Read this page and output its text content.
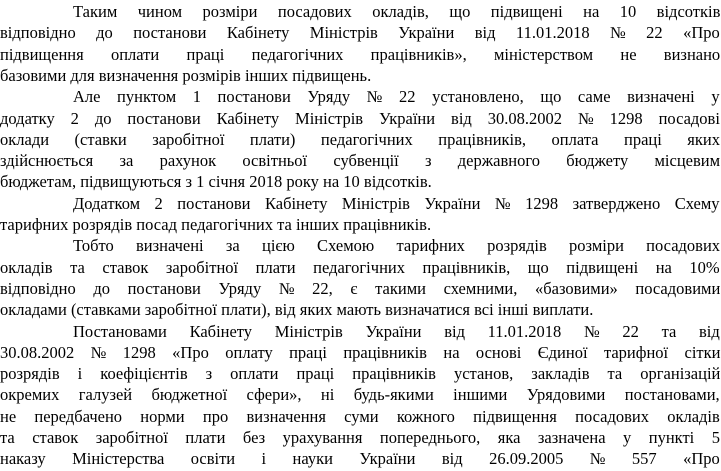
Таким чином розміри посадових окладів, що підвищені на 10 відсотків
відповідно до постанови Кабінету Міністрів України від 11.01.2018 № 22 «Про
підвищення оплати праці педагогічних працівників», міністерством не визнано
базовими для визначення розмірів інших підвищень.
Але пунктом 1 постанови Уряду № 22 установлено, що саме визначені у
додатку 2 до постанови Кабінету Міністрів України від 30.08.2002 № 1298 посадові
оклади (ставки заробітної плати) педагогічних працівників, оплата праці яких
здійснюється за рахунок освітньої субвенції з державного бюджету місцевим
бюджетам, підвищуються з 1 січня 2018 року на 10 відсотків.
Додатком 2 постанови Кабінету Міністрів України № 1298 затверджено Схему
тарифних розрядів посад педагогічних та інших працівників.
Тобто визначені за цією Схемою тарифних розрядів розміри посадових
окладів та ставок заробітної плати педагогічних працівників, що підвищені на 10%
відповідно до постанови Уряду № 22, є такими схемними, «базовими» посадовими
окладами (ставками заробітної плати), від яких мають визначатися всі інші виплати.
Постановами Кабінету Міністрів України від 11.01.2018 № 22 та від
30.08.2002 № 1298 «Про оплату праці працівників на основі Єдиної тарифної сітки
розрядів і коефіцієнтів з оплати праці працівників установ, закладів та організацій
окремих галузей бюджетної сфери», ні будь-якими іншими Урядовими постановами,
не передбачено норми про визначення суми кожного підвищення посадових окладів
та ставок заробітної плати без урахування попереднього, яка зазначена у пункті 5
наказу Міністерства освіти і науки України від 26.09.2005 № 557 «Про
